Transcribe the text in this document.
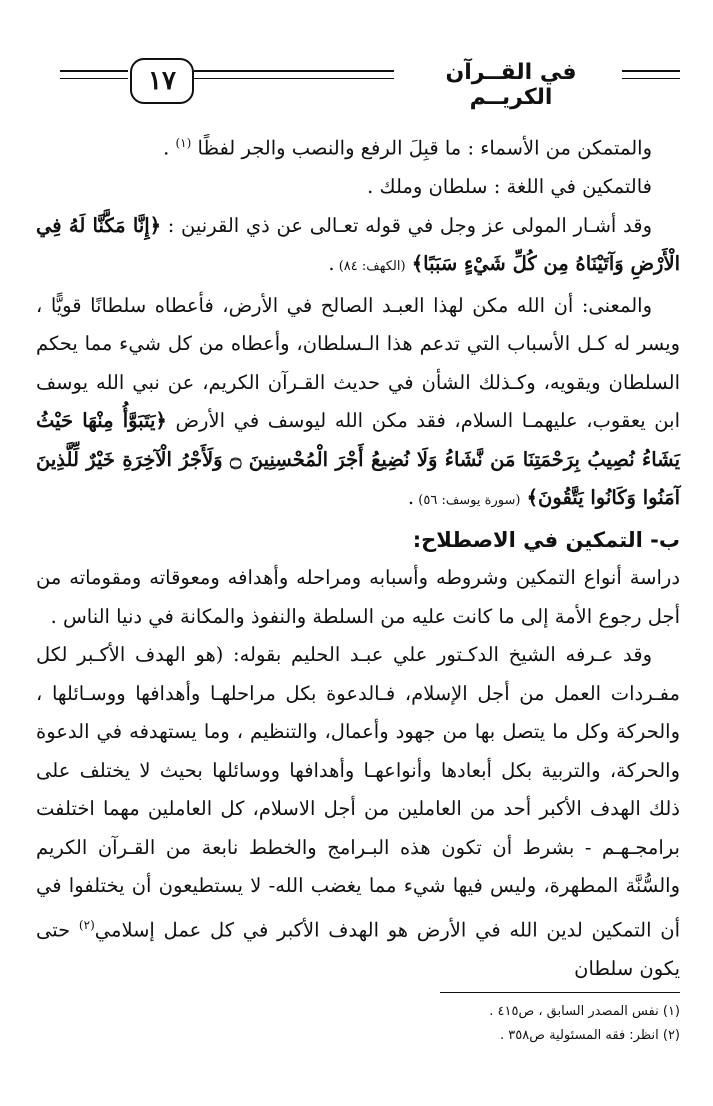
١٧	في القــرآن الكريــم

والمتمكن من الأسماء : ما قبِلَ الرفع والنصب والجر لفظًا $^{(١)}$ .

فالتمكين في اللغة : سلطان وملك .

وقد أشـار المولى عز وجل في قوله تعـالى عن ذي القرنين : ﴿إِنَّا مَكَّنَّا لَهُ فِي الْأَرْضِ وَآتَيْنَاهُ مِن كُلِّ شَيْءٍ سَبَبًا﴾ (الكهف: ٨٤) .

والمعنى: أن الله مكن لهذا العبـد الصالح في الأرض، فأعطاه سلطانًا قويًّا ، ويسر له كـل الأسباب التي تدعم هذا الـسلطان، وأعطاه من كل شيء مما يحكم السلطان ويقويه، وكـذلك الشأن في حديث القـرآن الكريم، عن نبي الله يوسف ابن يعقوب، عليهمـا السلام، فقد مكن الله ليوسف في الأرض ﴿يَتَبَوَّأُ مِنْهَا حَيْثُ يَشَاءُ نُصِيبُ بِرَحْمَتِنَا مَن نَّشَاءُ وَلَا نُضِيعُ أَجْرَ الْمُحْسِنِينَ ۝ وَلَأَجْرُ الْآخِرَةِ خَيْرٌ لِّلَّذِينَ آمَنُوا وَكَانُوا يَتَّقُونَ﴾ (سورة يوسف: ٥٦) .

ب- التمكين في الاصطلاح:

دراسة أنواع التمكين وشروطه وأسبابه ومراحله وأهدافه ومعوقاته ومقوماته من أجل رجوع الأمة إلى ما كانت عليه من السلطة والنفوذ والمكانة في دنيا الناس .

وقد عـرفه الشيخ الدكـتور علي عبـد الحليم بقوله: (هو الهدف الأكـبر لكل مفـردات العمل من أجل الإسلام، فـالدعوة بكل مراحلهـا وأهدافها ووسـائلها ، والحركة وكل ما يتصل بها من جهود وأعمال، والتنظيم ، وما يستهدفه في الدعوة والحركة، والتربية بكل أبعادها وأنواعهـا وأهدافها ووسائلها بحيث لا يختلف على ذلك الهدف الأكبر أحد من العاملين من أجل الاسلام، كل العاملين مهما اختلفت برامجـهـم - بشرط أن تكون هذه البـرامج والخطط نابعة من القـرآن الكريم والسُّنَّة المطهرة، وليس فيها شيء مما يغضب الله- لا يستطيعون أن يختلفوا في أن التمكين لدين الله في الأرض هو الهدف الأكبر في كل عمل إسلامي$^{(٢)}$ حتى يكون سلطان

(١) نفس المصدر السابق ، ص٤١٥ .

(٢) انظر: فقه المسئولية ص٣٥٨ .
